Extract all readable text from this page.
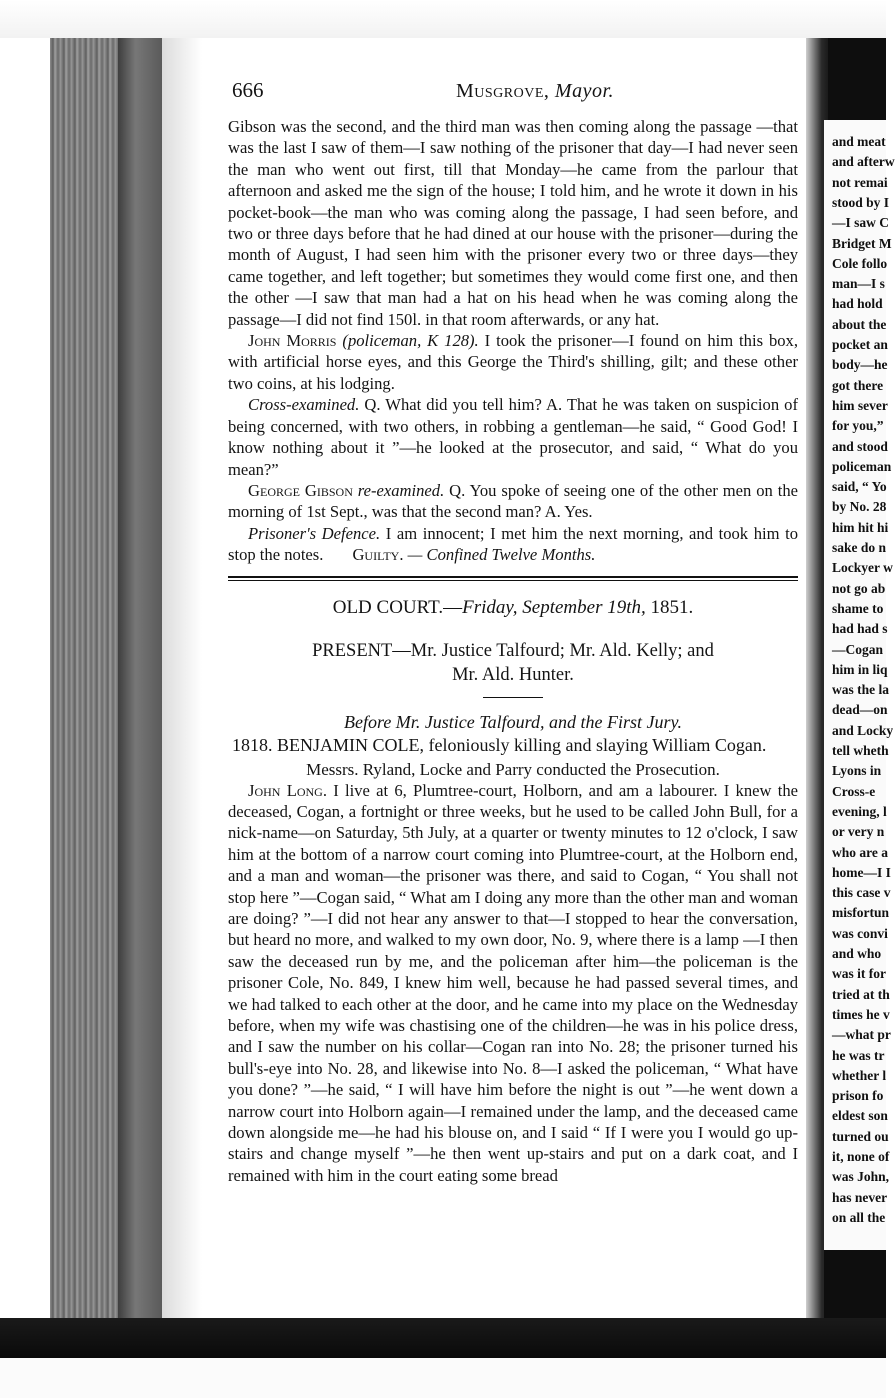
666	Musgrove, Mayor.

Gibson was the second, and the third man was then coming along the passage —that was the last I saw of them—I saw nothing of the prisoner that day—I had never seen the man who went out first, till that Monday—he came from the parlour that afternoon and asked me the sign of the house; I told him, and he wrote it down in his pocket-book—the man who was coming along the passage, I had seen before, and two or three days before that he had dined at our house with the prisoner—during the month of August, I had seen him with the prisoner every two or three days—they came together, and left together; but sometimes they would come first one, and then the other —I saw that man had a hat on his head when he was coming along the passage—I did not find 150l. in that room afterwards, or any hat.

John Morris (policeman, K 128). I took the prisoner—I found on him this box, with artificial horse eyes, and this George the Third's shilling, gilt; and these other two coins, at his lodging.

Cross-examined. Q. What did you tell him? A. That he was taken on suspicion of being concerned, with two others, in robbing a gentleman—he said, “ Good God! I know nothing about it ”—he looked at the prosecutor, and said, “ What do you mean?”

George Gibson re-examined. Q. You spoke of seeing one of the other men on the morning of 1st Sept., was that the second man? A. Yes.

Prisoner's Defence. I am innocent; I met him the next morning, and took him to stop the notes. Guilty. — Confined Twelve Months.

OLD COURT.—Friday, September 19th, 1851.

PRESENT—Mr. Justice Talfourd; Mr. Ald. Kelly; and
Mr. Ald. Hunter.

Before Mr. Justice Talfourd, and the First Jury.

1818. BENJAMIN COLE, feloniously killing and slaying William Cogan.

Messrs. Ryland, Locke and Parry conducted the Prosecution.

John Long. I live at 6, Plumtree-court, Holborn, and am a labourer. I knew the deceased, Cogan, a fortnight or three weeks, but he used to be called John Bull, for a nick-name—on Saturday, 5th July, at a quarter or twenty minutes to 12 o'clock, I saw him at the bottom of a narrow court coming into Plumtree-court, at the Holborn end, and a man and woman—the prisoner was there, and said to Cogan, “ You shall not stop here ”—Cogan said, “ What am I doing any more than the other man and woman are doing? ”—I did not hear any answer to that—I stopped to hear the conversation, but heard no more, and walked to my own door, No. 9, where there is a lamp —I then saw the deceased run by me, and the policeman after him—the policeman is the prisoner Cole, No. 849, I knew him well, because he had passed several times, and we had talked to each other at the door, and he came into my place on the Wednesday before, when my wife was chastising one of the children—he was in his police dress, and I saw the number on his collar—Cogan ran into No. 28; the prisoner turned his bull's-eye into No. 28, and likewise into No. 8—I asked the policeman, “ What have you done? ”—he said, “ I will have him before the night is out ”—he went down a narrow court into Holborn again—I remained under the lamp, and the deceased came down alongside me—he had his blouse on, and I said “ If I were you I would go up-stairs and change myself ”—he then went up-stairs and put on a dark coat, and I remained with him in the court eating some bread

and meat
and afterw
not remai
stood by I
—I saw C
Bridget M
Cole follo
man—I s
had hold
about the
pocket an
body—he
got there
him sever
for you,”
and stood
policeman
said, “ Yo
by No. 28
him hit hi
sake do n
Lockyer w
not go ab
shame to
had had s
—Cogan
him in liq
was the la
dead—on
and Locky
tell wheth
Lyons in
Cross-e
evening, l
or very n
who are a
home—I I
this case v
misfortun
was convi
and who
was it for
tried at th
times he v
—what pr
he was tr
whether l
prison fo
eldest son
turned ou
it, none of
was John,
has never
on all the
